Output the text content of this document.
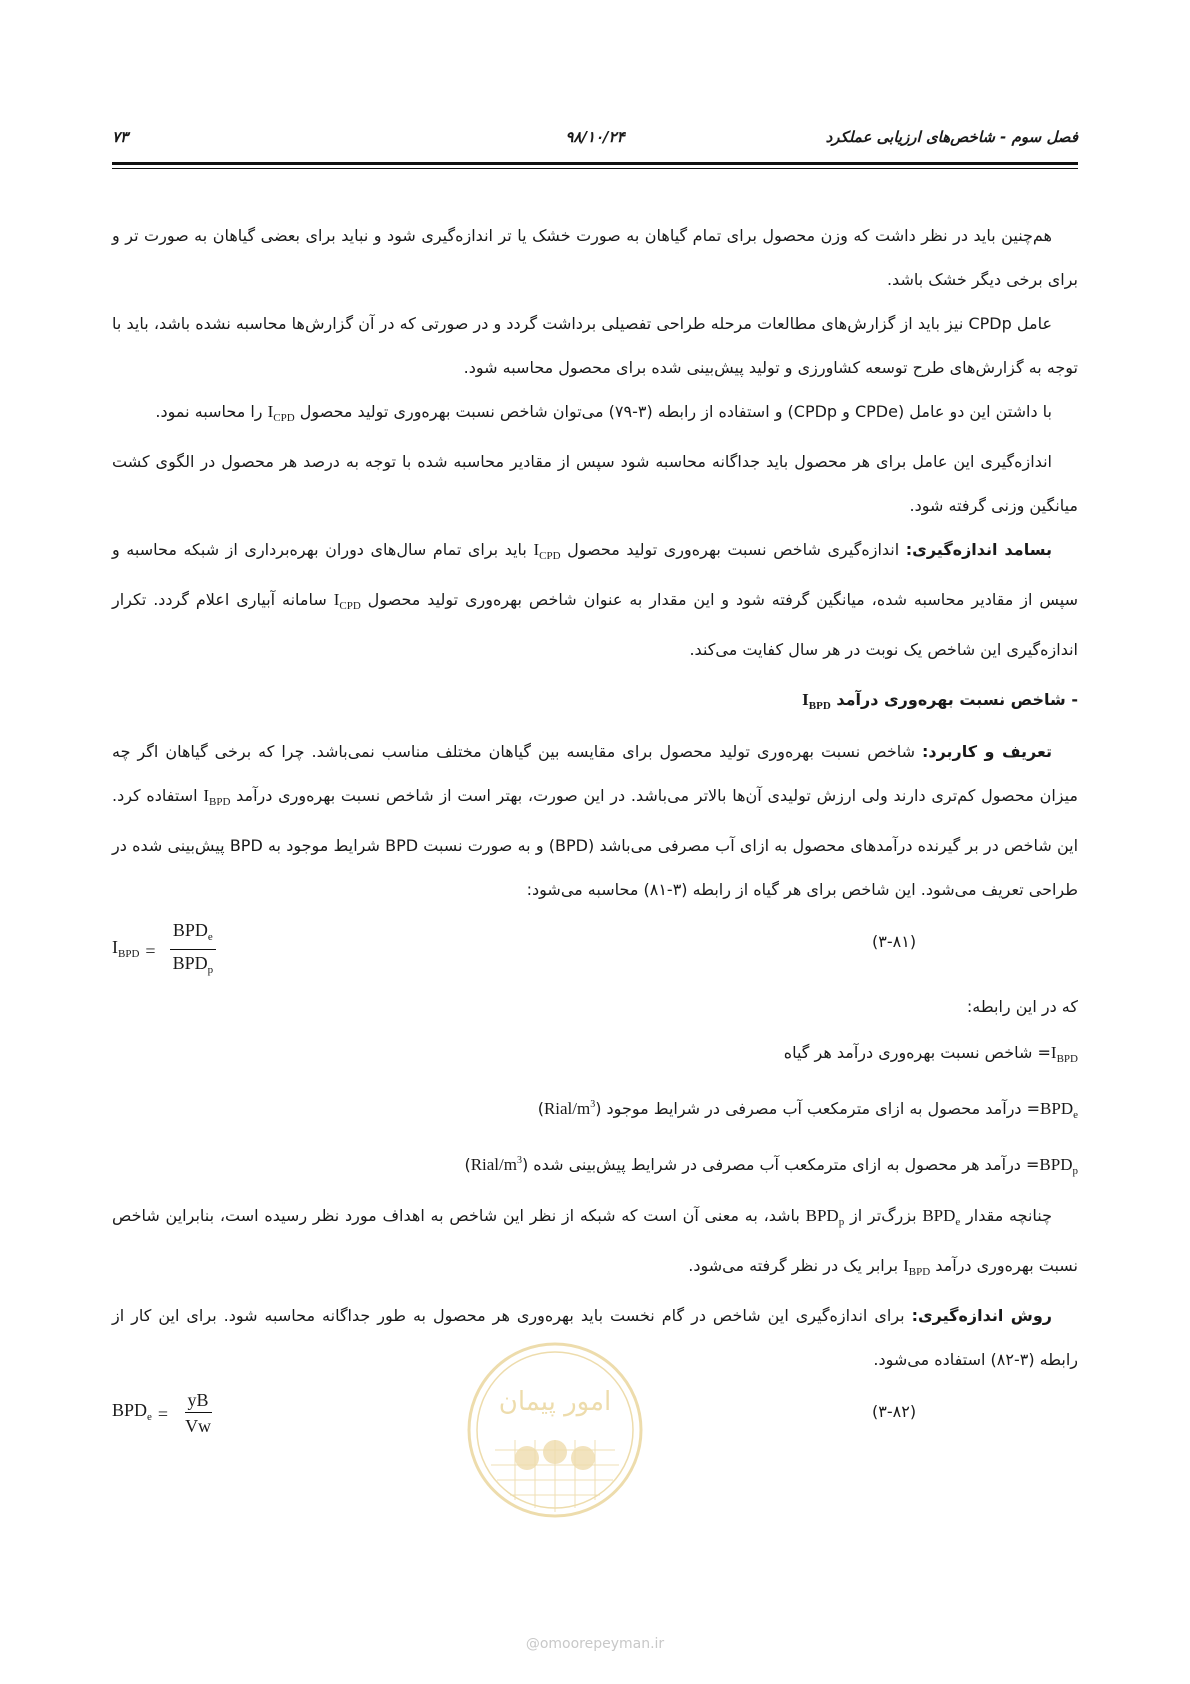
فصل سوم - شاخص‌های ارزیابی عملکرد
۹۸/۱۰/۲۴
۷۳

هم‌چنین باید در نظر داشت که وزن محصول برای تمام گیاهان به صورت خشک یا تر اندازه‌گیری شود و نباید برای بعضی گیاهان به صورت تر و برای برخی دیگر خشک باشد.

عامل CPDp نیز باید از گزارش‌های مطالعات مرحله طراحی تفصیلی برداشت گردد و در صورتی که در آن گزارش‌ها محاسبه نشده باشد، باید با توجه به گزارش‌های طرح توسعه کشاورزی و تولید پیش‌بینی شده برای محصول محاسبه شود.

با داشتن این دو عامل (CPDe و CPDp) و استفاده از رابطه (۳-۷۹) می‌توان شاخص نسبت بهره‌وری تولید محصول $I_{CPD}$ را محاسبه نمود.

اندازه‌گیری این عامل برای هر محصول باید جداگانه محاسبه شود سپس از مقادیر محاسبه شده با توجه به درصد هر محصول در الگوی کشت میانگین وزنی گرفته شود.

بسامد اندازه‌گیری: اندازه‌گیری شاخص نسبت بهره‌وری تولید محصول $I_{CPD}$ باید برای تمام سال‌های دوران بهره‌برداری از شبکه محاسبه و سپس از مقادیر محاسبه شده، میانگین گرفته شود و این مقدار به عنوان شاخص بهره‌وری تولید محصول $I_{CPD}$ سامانه آبیاری اعلام گردد. تکرار اندازه‌گیری این شاخص یک نوبت در هر سال کفایت می‌کند.

- شاخص نسبت بهره‌وری درآمد $I_{BPD}$

تعریف و کاربرد: شاخص نسبت بهره‌وری تولید محصول برای مقایسه بین گیاهان مختلف مناسب نمی‌باشد. چرا که برخی گیاهان اگر چه میزان محصول کم‌تری دارند ولی ارزش تولیدی آن‌ها بالاتر می‌باشد. در این صورت، بهتر است از شاخص نسبت بهره‌وری درآمد $I_{BPD}$ استفاده کرد. این شاخص در بر گیرنده درآمدهای محصول به ازای آب مصرفی می‌باشد (BPD) و به صورت نسبت BPD شرایط موجود به BPD پیش‌بینی شده در طراحی تعریف می‌شود. این شاخص برای هر گیاه از رابطه (۳-۸۱) محاسبه می‌شود:

$I_{BPD} = \frac{BPD_e}{BPD_p}$	(۳-۸۱)

که در این رابطه:

$I_{BPD}=$ شاخص نسبت بهره‌وری درآمد هر گیاه

$BPD_e=$ درآمد محصول به ازای مترمکعب آب مصرفی در شرایط موجود $(Rial/m^3)$

$BPD_p=$ درآمد هر محصول به ازای مترمکعب آب مصرفی در شرایط پیش‌بینی شده $(Rial/m^3)$

چنانچه مقدار $BPD_e$ بزرگ‌تر از $BPD_p$ باشد، به معنی آن است که شبکه از نظر این شاخص به اهداف مورد نظر رسیده است، بنابراین شاخص نسبت بهره‌وری درآمد $I_{BPD}$ برابر یک در نظر گرفته می‌شود.

روش اندازه‌گیری: برای اندازه‌گیری این شاخص در گام نخست باید بهره‌وری هر محصول به طور جداگانه محاسبه شود. برای این کار از رابطه (۳-۸۲) استفاده می‌شود.

$BPD_e = \frac{yB}{Vw}$	(۳-۸۲)
امور پیمان
@omoorepeyman.ir
